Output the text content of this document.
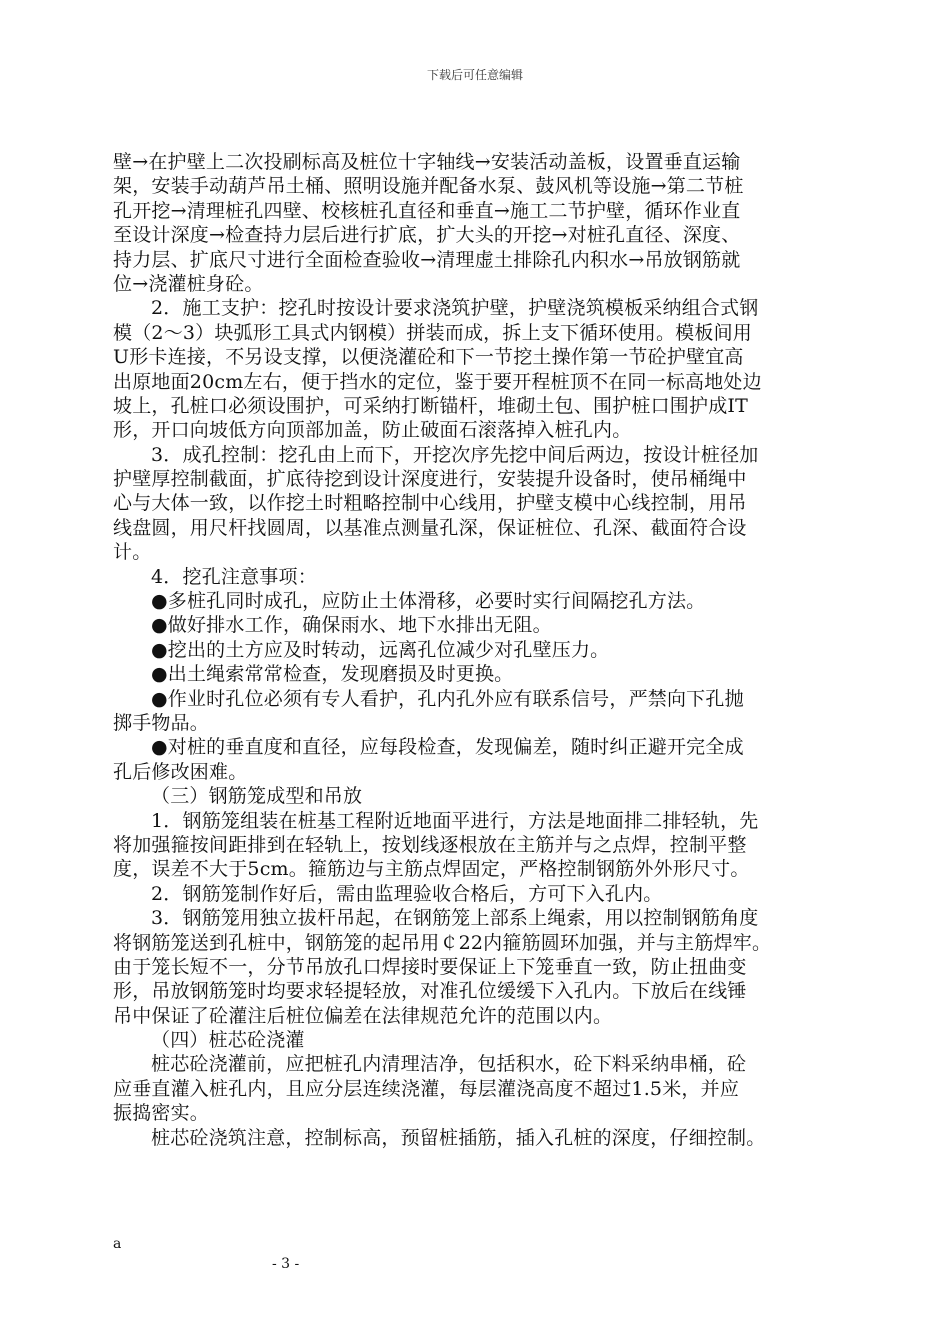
下载后可任意编辑
壁→在护壁上二次投刷标高及桩位十字轴线→安装活动盖板，设置垂直运输
架，安装手动葫芦吊土桶、照明设施并配备水泵、鼓风机等设施→第二节桩
孔开挖→清理桩孔四壁、校核桩孔直径和垂直→施工二节护壁，循环作业直
至设计深度→检查持力层后进行扩底，扩大头的开挖→对桩孔直径、深度、
持力层、扩底尺寸进行全面检查验收→清理虚土排除孔内积水→吊放钢筋就
位→浇灌桩身砼。
2．施工支护：挖孔时按设计要求浇筑护壁，护壁浇筑模板采纳组合式钢
模（2～3）块弧形工具式内钢模）拼装而成，拆上支下循环使用。模板间用
U形卡连接，不另设支撑，以便浇灌砼和下一节挖土操作第一节砼护壁宜高
出原地面20cm左右，便于挡水的定位，鉴于要开程桩顶不在同一标高地处边
坡上，孔桩口必须设围护，可采纳打断锚杆，堆砌土包、围护桩口围护成IT
形，开口向坡低方向顶部加盖，防止破面石滚落掉入桩孔内。
3．成孔控制：挖孔由上而下，开挖次序先挖中间后两边，按设计桩径加
护壁厚控制截面，扩底待挖到设计深度进行，安装提升设备时，使吊桶绳中
心与大体一致，以作挖土时粗略控制中心线用，护壁支模中心线控制，用吊
线盘圆，用尺杆找圆周，以基准点测量孔深，保证桩位、孔深、截面符合设
计。
4．挖孔注意事项：
●多桩孔同时成孔，应防止土体滑移，必要时实行间隔挖孔方法。
●做好排水工作，确保雨水、地下水排出无阻。
●挖出的土方应及时转动，远离孔位减少对孔壁压力。
●出土绳索常常检查，发现磨损及时更换。
●作业时孔位必须有专人看护，孔内孔外应有联系信号，严禁向下孔抛
掷手物品。
●对桩的垂直度和直径，应每段检查，发现偏差，随时纠正避开完全成
孔后修改困难。
（三）钢筋笼成型和吊放
1．钢筋笼组装在桩基工程附近地面平进行，方法是地面排二排轻轨，先
将加强箍按间距排到在轻轨上，按划线逐根放在主筋并与之点焊，控制平整
度，误差不大于5cm。箍筋边与主筋点焊固定，严格控制钢筋外外形尺寸。
2．钢筋笼制作好后，需由监理验收合格后，方可下入孔内。
3．钢筋笼用独立拔杆吊起，在钢筋笼上部系上绳索，用以控制钢筋角度
将钢筋笼送到孔桩中，钢筋笼的起吊用￠22内箍筋圆环加强，并与主筋焊牢。
由于笼长短不一，分节吊放孔口焊接时要保证上下笼垂直一致，防止扭曲变
形，吊放钢筋笼时均要求轻提轻放，对准孔位缓缓下入孔内。下放后在线锤
吊中保证了砼灌注后桩位偏差在法律规范允许的范围以内。
（四）桩芯砼浇灌
桩芯砼浇灌前，应把桩孔内清理洁净，包括积水，砼下料采纳串桶，砼
应垂直灌入桩孔内，且应分层连续浇灌，每层灌浇高度不超过1.5米，并应
振捣密实。
桩芯砼浇筑注意，控制标高，预留桩插筋，插入孔桩的深度，仔细控制。
a
- 3 -
